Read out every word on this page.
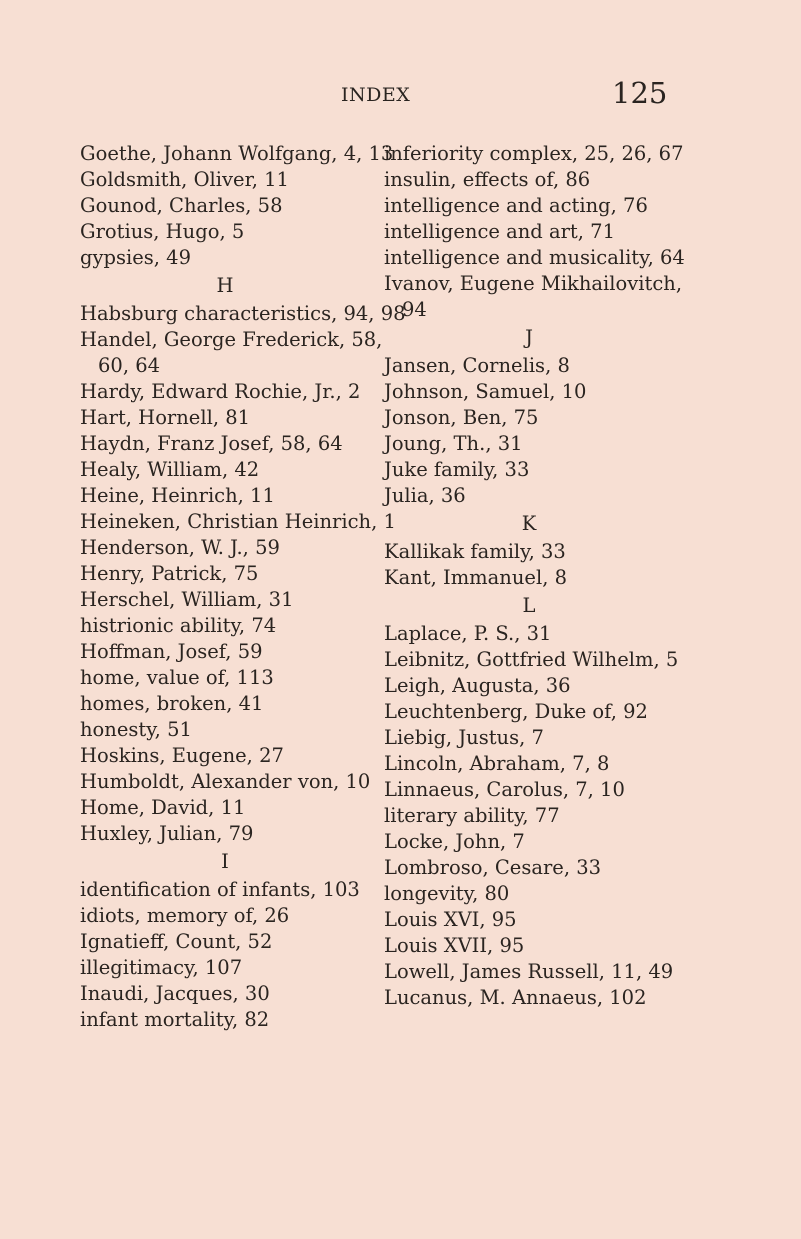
INDEX	125
Goethe, Johann Wolfgang, 4, 13
Goldsmith, Oliver, 11
Gounod, Charles, 58
Grotius, Hugo, 5
gypsies, 49
H
Habsburg characteristics, 94, 98
Handel, George Frederick, 58,
60, 64
Hardy, Edward Rochie, Jr., 2
Hart, Hornell, 81
Haydn, Franz Josef, 58, 64
Healy, William, 42
Heine, Heinrich, 11
Heineken, Christian Heinrich, 1
Henderson, W. J., 59
Henry, Patrick, 75
Herschel, William, 31
histrionic ability, 74
Hoffman, Josef, 59
home, value of, 113
homes, broken, 41
honesty, 51
Hoskins, Eugene, 27
Humboldt, Alexander von, 10
Home, David, 11
Huxley, Julian, 79
I
identification of infants, 103
idiots, memory of, 26
Ignatieff, Count, 52
illegitimacy, 107
Inaudi, Jacques, 30
infant mortality, 82
inferiority complex, 25, 26, 67
insulin, effects of, 86
intelligence and acting, 76
intelligence and art, 71
intelligence and musicality, 64
Ivanov, Eugene Mikhailovitch,
94
J
Jansen, Cornelis, 8
Johnson, Samuel, 10
Jonson, Ben, 75
Joung, Th., 31
Juke family, 33
Julia, 36
K
Kallikak family, 33
Kant, Immanuel, 8
L
Laplace, P. S., 31
Leibnitz, Gottfried Wilhelm, 5
Leigh, Augusta, 36
Leuchtenberg, Duke of, 92
Liebig, Justus, 7
Lincoln, Abraham, 7, 8
Linnaeus, Carolus, 7, 10
literary ability, 77
Locke, John, 7
Lombroso, Cesare, 33
longevity, 80
Louis XVI, 95
Louis XVII, 95
Lowell, James Russell, 11, 49
Lucanus, M. Annaeus, 102
